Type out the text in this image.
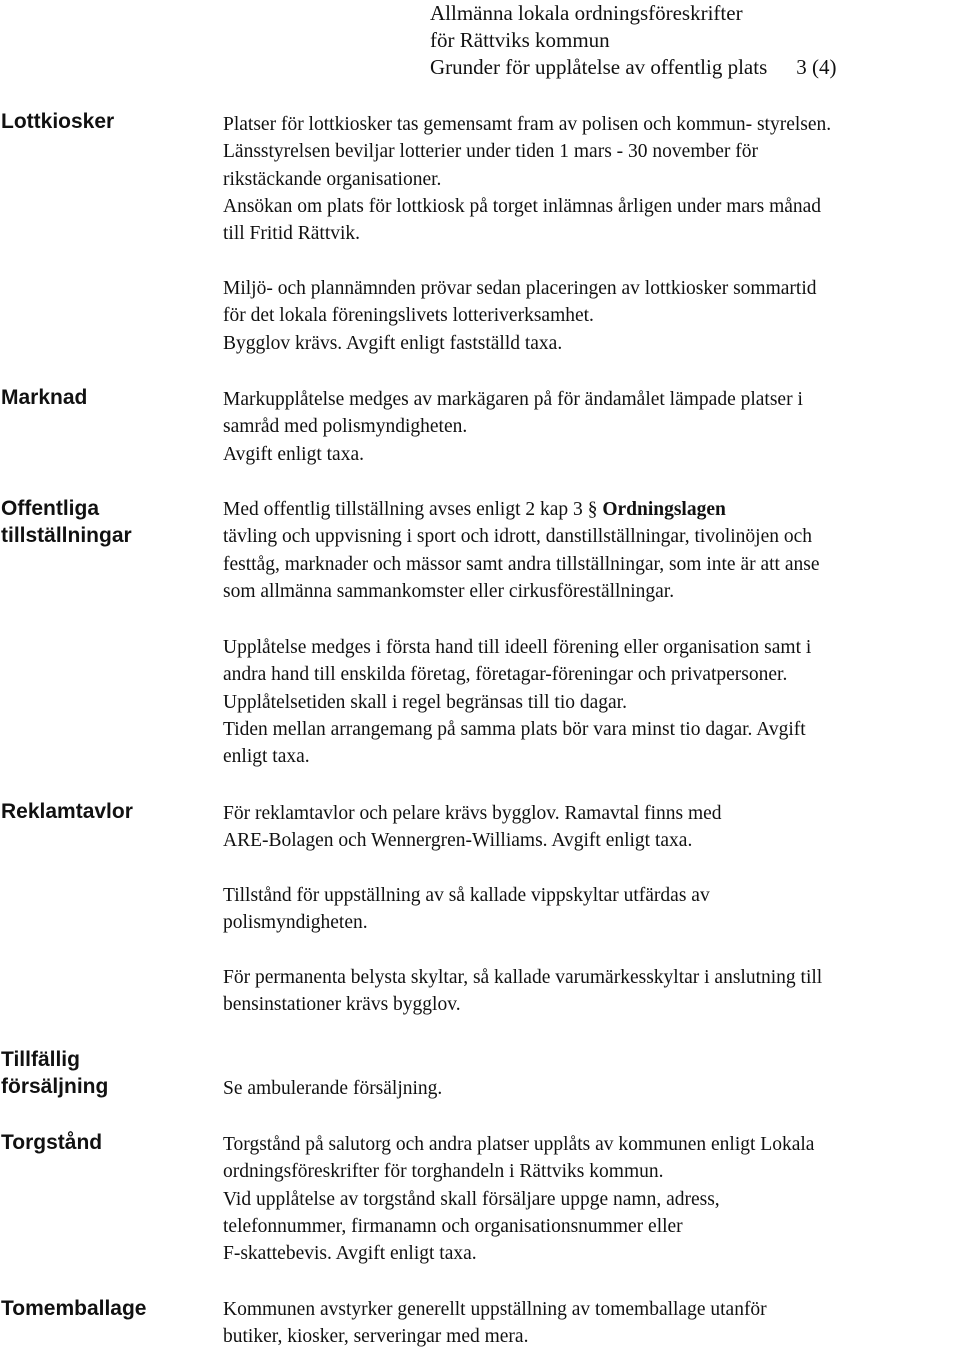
Allmänna lokala ordningsföreskrifter
för Rättviks kommun
Grunder för upplåtelse av offentlig plats 3 (4)
Lottkiosker	Platser för lottkiosker tas gemensamt fram av polisen och kommun- styrelsen.
Länsstyrelsen beviljar lotterier under tiden 1 mars - 30 november för
rikstäckande organisationer.
Ansökan om plats för lottkiosk på torget inlämnas årligen under mars månad
till Fritid Rättvik.
Miljö- och plannämnden prövar sedan placeringen av lottkiosker sommartid
för det lokala föreningslivets lotteriverksamhet.
Bygglov krävs. Avgift enligt fastställd taxa.
Marknad	Markupplåtelse medges av markägaren på för ändamålet lämpade platser i
samråd med polismyndigheten.
Avgift enligt taxa.
Offentliga
tillställningar
Med offentlig tillställning avses enligt 2 kap 3 § Ordningslagen
tävling och uppvisning i sport och idrott, danstillställningar, tivolinöjen och
festtåg, marknader och mässor samt andra tillställningar, som inte är att anse
som allmänna sammankomster eller cirkusföreställningar.
Upplåtelse medges i första hand till ideell förening eller organisation samt i
andra hand till enskilda företag, företagar-föreningar och privatpersoner.
Upplåtelsetiden skall i regel begränsas till tio dagar.
Tiden mellan arrangemang på samma plats bör vara minst tio dagar. Avgift
enligt taxa.
Reklamtavlor	För reklamtavlor och pelare krävs bygglov. Ramavtal finns med
ARE-Bolagen och Wennergren-Williams. Avgift enligt taxa.
Tillstånd för uppställning av så kallade vippskyltar utfärdas av
polismyndigheten.
För permanenta belysta skyltar, så kallade varumärkesskyltar i anslutning till
bensinstationer krävs bygglov.
Tillfällig
försäljning	Se ambulerande försäljning.
Torgstånd	Torgstånd på salutorg och andra platser upplåts av kommunen enligt Lokala
ordningsföreskrifter för torghandeln i Rättviks kommun.
Vid upplåtelse av torgstånd skall försäljare uppge namn, adress,
telefonnummer, firmanamn och organisationsnummer eller
F-skattebevis. Avgift enligt taxa.
Tomemballage	Kommunen avstyrker generellt uppställning av tomemballage utanför
butiker, kiosker, serveringar med mera.
